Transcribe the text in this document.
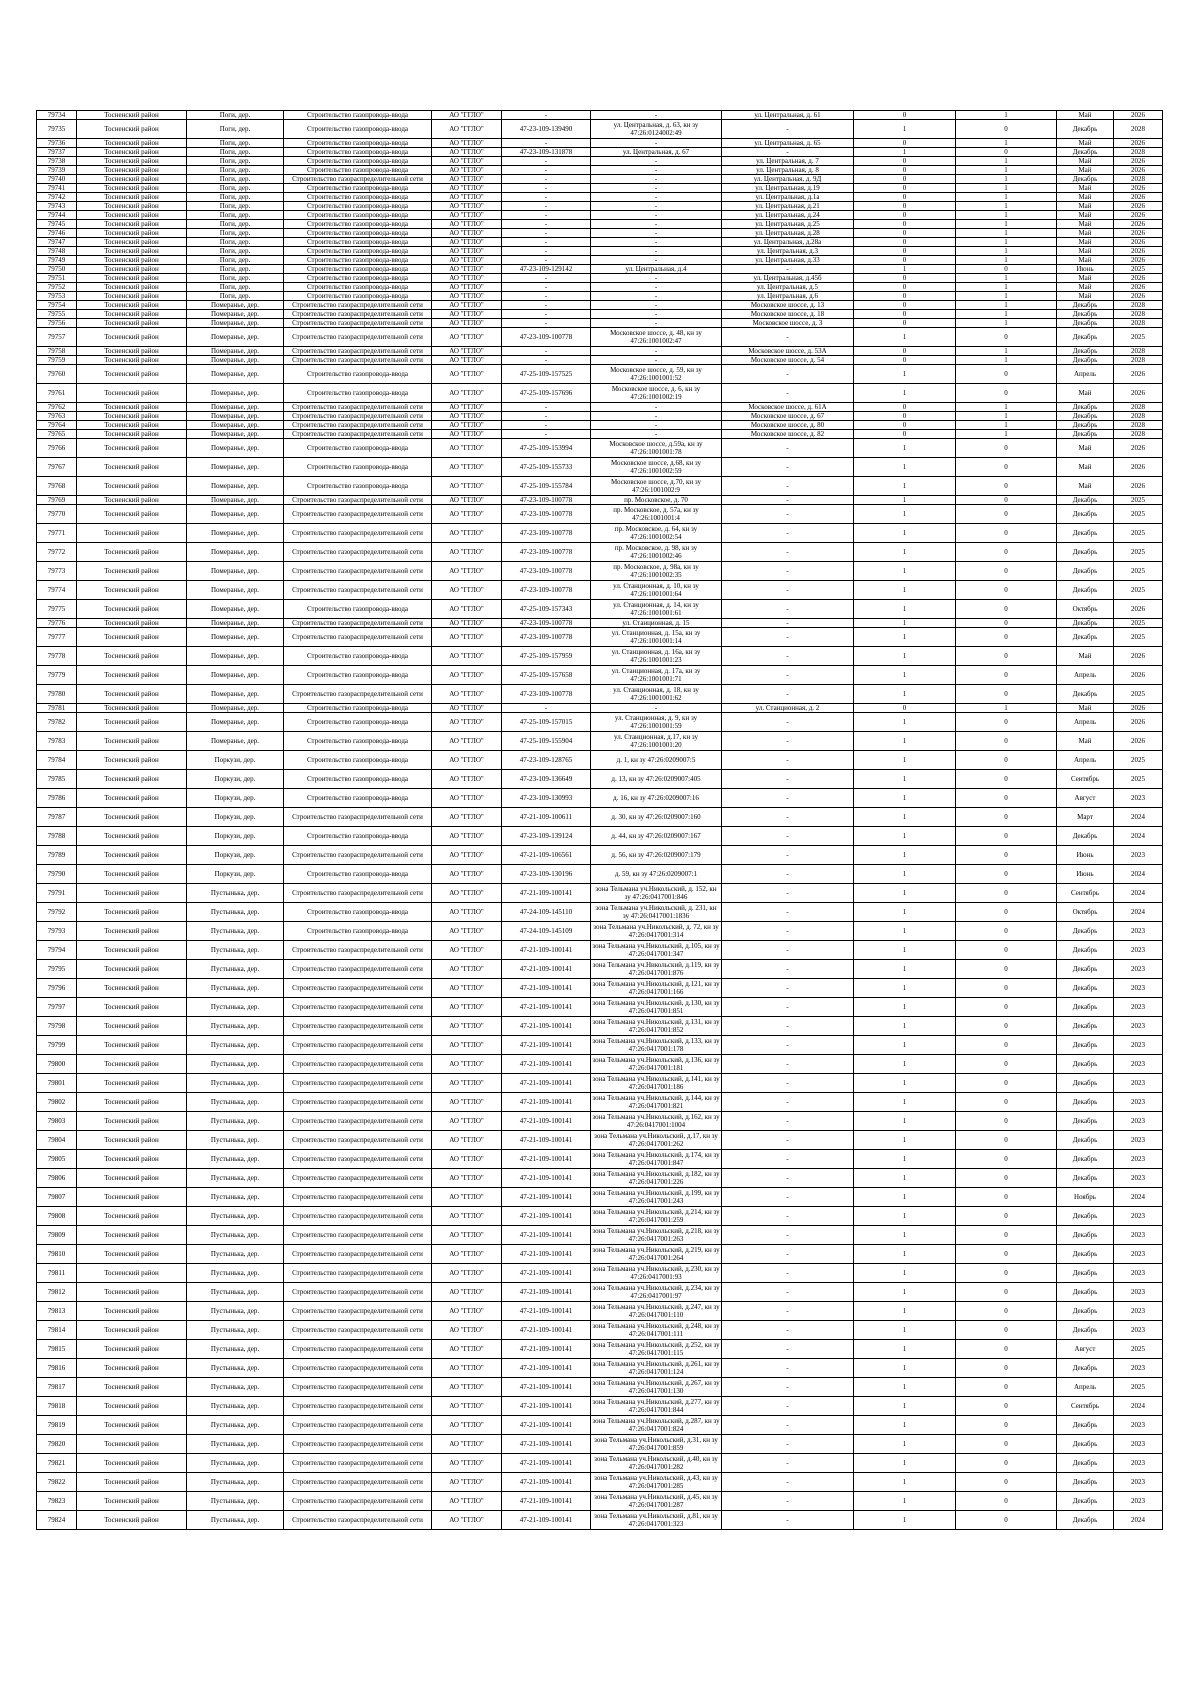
79734	Тосненский район	Поги, дер.	Строительство газопровода-ввода	АО "ГГЛО"	-	-	ул. Центральная, д. 61	0	1	Май	2026
79735	Тосненский район	Поги, дер.	Строительство газопровода-ввода	АО "ГГЛО"	47-23-109-139490	ул. Центральная, д. 63, кн зу 47:26:0124002:49	-	1	0	Декабрь	2028
79736	Тосненский район	Поги, дер.	Строительство газопровода-ввода	АО "ГГЛО"	-	-	ул. Центральная, д. 65	0	1	Май	2026
79737	Тосненский район	Поги, дер.	Строительство газопровода-ввода	АО "ГГЛО"	47-23-109-131878	ул. Центральная, д. 67	-	1	0	Декабрь	2028
79738	Тосненский район	Поги, дер.	Строительство газопровода-ввода	АО "ГГЛО"	-	-	ул. Центральная, д. 7	0	1	Май	2026
79739	Тосненский район	Поги, дер.	Строительство газопровода-ввода	АО "ГГЛО"	-	-	ул. Центральная, д. 8	0	1	Май	2026
79740	Тосненский район	Поги, дер.	Строительство газораспределительной сети	АО "ГГЛО"	-	-	ул. Центральная, д. 9Д	0	1	Декабрь	2028
79741	Тосненский район	Поги, дер.	Строительство газопровода-ввода	АО "ГГЛО"	-	-	ул. Центральная, д.19	0	1	Май	2026
79742	Тосненский район	Поги, дер.	Строительство газопровода-ввода	АО "ГГЛО"	-	-	ул. Центральная, д.1а	0	1	Май	2026
79743	Тосненский район	Поги, дер.	Строительство газопровода-ввода	АО "ГГЛО"	-	-	ул. Центральная, д.21	0	1	Май	2026
79744	Тосненский район	Поги, дер.	Строительство газопровода-ввода	АО "ГГЛО"	-	-	ул. Центральная, д.24	0	1	Май	2026
79745	Тосненский район	Поги, дер.	Строительство газопровода-ввода	АО "ГГЛО"	-	-	ул. Центральная, д.25	0	1	Май	2026
79746	Тосненский район	Поги, дер.	Строительство газопровода-ввода	АО "ГГЛО"	-	-	ул. Центральная, д.28	0	1	Май	2026
79747	Тосненский район	Поги, дер.	Строительство газопровода-ввода	АО "ГГЛО"	-	-	ул. Центральная, д.28а	0	1	Май	2026
79748	Тосненский район	Поги, дер.	Строительство газопровода-ввода	АО "ГГЛО"	-	-	ул. Центральная, д.3	0	1	Май	2026
79749	Тосненский район	Поги, дер.	Строительство газопровода-ввода	АО "ГГЛО"	-	-	ул. Центральная, д.33	0	1	Май	2026
79750	Тосненский район	Поги, дер.	Строительство газопровода-ввода	АО "ГГЛО"	47-23-109-129142	ул. Центральная, д.4	-	1	0	Июнь	2025
79751	Тосненский район	Поги, дер.	Строительство газопровода-ввода	АО "ГГЛО"	-	-	ул. Центральная, д.45б	0	1	Май	2026
79752	Тосненский район	Поги, дер.	Строительство газопровода-ввода	АО "ГГЛО"	-	-	ул. Центральная, д.5	0	1	Май	2026
79753	Тосненский район	Поги, дер.	Строительство газопровода-ввода	АО "ГГЛО"	-	-	ул. Центральная, д.6	0	1	Май	2026
79754	Тосненский район	Померанье, дер.	Строительство газораспределительной сети	АО "ГГЛО"	-	-	Московское шоссе, д. 13	0	1	Декабрь	2028
79755	Тосненский район	Померанье, дер.	Строительство газораспределительной сети	АО "ГГЛО"	-	-	Московское шоссе, д. 18	0	1	Декабрь	2028
79756	Тосненский район	Померанье, дер.	Строительство газораспределительной сети	АО "ГГЛО"	-	-	Московское шоссе, д. 3	0	1	Декабрь	2028
79757	Тосненский район	Померанье, дер.	Строительство газораспределительной сети	АО "ГГЛО"	47-23-109-100778	Московское шоссе, д. 48, кн зу 47:26:1001002:47	-	1	0	Декабрь	2025
79758	Тосненский район	Померанье, дер.	Строительство газораспределительной сети	АО "ГГЛО"	-	-	Московское шоссе, д. 53А	0	1	Декабрь	2028
79759	Тосненский район	Померанье, дер.	Строительство газораспределительной сети	АО "ГГЛО"	-	-	Московское шоссе, д. 54	0	1	Декабрь	2028
79760	Тосненский район	Померанье, дер.	Строительство газопровода-ввода	АО "ГГЛО"	47-25-109-157525	Московское шоссе, д. 59, кн зу 47:26:1001001:52	-	1	0	Апрель	2026
79761	Тосненский район	Померанье, дер.	Строительство газопровода-ввода	АО "ГГЛО"	47-25-109-157696	Московское шоссе, д. 6, кн зу 47:26:1001002:19	-	1	0	Май	2026
79762	Тосненский район	Померанье, дер.	Строительство газораспределительной сети	АО "ГГЛО"	-	-	Московское шоссе, д. 61А	0	1	Декабрь	2028
79763	Тосненский район	Померанье, дер.	Строительство газораспределительной сети	АО "ГГЛО"	-	-	Московское шоссе, д. 67	0	1	Декабрь	2028
79764	Тосненский район	Померанье, дер.	Строительство газораспределительной сети	АО "ГГЛО"	-	-	Московское шоссе, д. 80	0	1	Декабрь	2028
79765	Тосненский район	Померанье, дер.	Строительство газораспределительной сети	АО "ГГЛО"	-	-	Московское шоссе, д. 82	0	1	Декабрь	2028
79766	Тосненский район	Померанье, дер.	Строительство газопровода-ввода	АО "ГГЛО"	47-25-109-153994	Московское шоссе, д.59а, кн зу 47:26:1001001:78	-	1	0	Май	2026
79767	Тосненский район	Померанье, дер.	Строительство газопровода-ввода	АО "ГГЛО"	47-25-109-155733	Московское шоссе, д.68, кн зу 47:26:1001002:59	-	1	0	Май	2026
79768	Тосненский район	Померанье, дер.	Строительство газопровода-ввода	АО "ГГЛО"	47-25-109-155784	Московское шоссе, д.70, кн зу 47:26:1001002:9	-	1	0	Май	2026
79769	Тосненский район	Померанье, дер.	Строительство газораспределительной сети	АО "ГГЛО"	47-23-109-100778	пр. Московское, д. 70	-	1	0	Декабрь	2025
79770	Тосненский район	Померанье, дер.	Строительство газораспределительной сети	АО "ГГЛО"	47-23-109-100778	пр. Московское, д. 57а, кн зу 47:26:1001001:4	-	1	0	Декабрь	2025
79771	Тосненский район	Померанье, дер.	Строительство газораспределительной сети	АО "ГГЛО"	47-23-109-100778	пр. Московское, д. 64, кн зу 47:26:1001002:54	-	1	0	Декабрь	2025
79772	Тосненский район	Померанье, дер.	Строительство газораспределительной сети	АО "ГГЛО"	47-23-109-100778	пр. Московское, д. 98, кн зу 47:26:1001002:46	-	1	0	Декабрь	2025
79773	Тосненский район	Померанье, дер.	Строительство газораспределительной сети	АО "ГГЛО"	47-23-109-100778	пр. Московское, д. 98а, кн зу 47:26:1001002:35	-	1	0	Декабрь	2025
79774	Тосненский район	Померанье, дер.	Строительство газораспределительной сети	АО "ГГЛО"	47-23-109-100778	ул. Станционная, д. 10, кн зу 47:26:1001001:64	-	1	0	Декабрь	2025
79775	Тосненский район	Померанье, дер.	Строительство газопровода-ввода	АО "ГГЛО"	47-25-109-157343	ул. Станционная, д. 14, кн зу 47:26:1001001:61	-	1	0	Октябрь	2026
79776	Тосненский район	Померанье, дер.	Строительство газораспределительной сети	АО "ГГЛО"	47-23-109-100778	ул. Станционная, д. 15	-	1	0	Декабрь	2025
79777	Тосненский район	Померанье, дер.	Строительство газораспределительной сети	АО "ГГЛО"	47-23-109-100778	ул. Станционная, д. 15а, кн зу 47:26:1001001:14	-	1	0	Декабрь	2025
79778	Тосненский район	Померанье, дер.	Строительство газопровода-ввода	АО "ГГЛО"	47-25-109-157959	ул. Станционная, д. 16а, кн зу 47:26:1001001:23	-	1	0	Май	2026
79779	Тосненский район	Померанье, дер.	Строительство газопровода-ввода	АО "ГГЛО"	47-25-109-157658	ул. Станционная, д. 17а, кн зу 47:26:1001001:71	-	1	0	Апрель	2026
79780	Тосненский район	Померанье, дер.	Строительство газораспределительной сети	АО "ГГЛО"	47-23-109-100778	ул. Станционная, д. 18, кн зу 47:26:1001001:62	-	1	0	Декабрь	2025
79781	Тосненский район	Померанье, дер.	Строительство газопровода-ввода	АО "ГГЛО"	-	-	ул. Станционная, д. 2	0	1	Май	2026
79782	Тосненский район	Померанье, дер.	Строительство газопровода-ввода	АО "ГГЛО"	47-25-109-157015	ул. Станционная, д. 9, кн зу 47:26:1001001:59	-	1	0	Апрель	2026
79783	Тосненский район	Померанье, дер.	Строительство газопровода-ввода	АО "ГГЛО"	47-25-109-155904	ул. Станционная, д.17, кн зу 47:26:1001001:20	-	1	0	Май	2026
79784	Тосненский район	Поркузи, дер.	Строительство газопровода-ввода	АО "ГГЛО"	47-23-109-128765	д. 1, кн зу 47:26:0209007:5	-	1	0	Апрель	2025
79785	Тосненский район	Поркузи, дер.	Строительство газопровода-ввода	АО "ГГЛО"	47-23-109-136649	д. 13, кн зу 47:26:0209007:405	-	1	0	Сентябрь	2025
79786	Тосненский район	Поркузи, дер.	Строительство газопровода-ввода	АО "ГГЛО"	47-23-109-130993	д. 16, кн зу 47:26:0209007:16	-	1	0	Август	2023
79787	Тосненский район	Поркузи, дер.	Строительство газораспределительной сети	АО "ГГЛО"	47-21-109-100611	д. 30, кн зу 47:26:0209007:160	-	1	0	Март	2024
79788	Тосненский район	Поркузи, дер.	Строительство газопровода-ввода	АО "ГГЛО"	47-23-109-139124	д. 44, кн зу 47:26:0209007:167	-	1	0	Декабрь	2024
79789	Тосненский район	Поркузи, дер.	Строительство газораспределительной сети	АО "ГГЛО"	47-21-109-106561	д. 56, кн зу 47:26:0209007:179	-	1	0	Июнь	2023
79790	Тосненский район	Поркузи, дер.	Строительство газопровода-ввода	АО "ГГЛО"	47-23-109-130196	д. 59, кн зу 47:26:0209007:1	-	1	0	Июнь	2024
79791	Тосненский район	Пустынька, дер.	Строительство газораспределительной сети	АО "ГГЛО"	47-21-109-100141	зона Тельмана уч.Никольский, д. 152, кн зу 47:26:0417001:846	-	1	0	Сентябрь	2024
79792	Тосненский район	Пустынька, дер.	Строительство газопровода-ввода	АО "ГГЛО"	47-24-109-145110	зона Тельмана уч.Никольский, д. 231, кн зу 47:26:0417001:1836	-	1	0	Октябрь	2024
79793	Тосненский район	Пустынька, дер.	Строительство газопровода-ввода	АО "ГГЛО"	47-24-109-145109	зона Тельмана уч.Никольский, д. 72, кн зу 47:26:0417001:314	-	1	0	Декабрь	2023
79794	Тосненский район	Пустынька, дер.	Строительство газораспределительной сети	АО "ГГЛО"	47-21-109-100141	зона Тельмана уч.Никольский, д.105, кн зу 47:26:0417001:347	-	1	0	Декабрь	2023
79795	Тосненский район	Пустынька, дер.	Строительство газораспределительной сети	АО "ГГЛО"	47-21-109-100141	зона Тельмана уч.Никольский, д.119, кн зу 47:26:0417001:876	-	1	0	Декабрь	2023
79796	Тосненский район	Пустынька, дер.	Строительство газораспределительной сети	АО "ГГЛО"	47-21-109-100141	зона Тельмана уч.Никольский, д.121, кн зу 47:26:0417001:166	-	1	0	Декабрь	2023
79797	Тосненский район	Пустынька, дер.	Строительство газораспределительной сети	АО "ГГЛО"	47-21-109-100141	зона Тельмана уч.Никольский, д.130, кн зу 47:26:0417001:851	-	1	0	Декабрь	2023
79798	Тосненский район	Пустынька, дер.	Строительство газораспределительной сети	АО "ГГЛО"	47-21-109-100141	зона Тельмана уч.Никольский, д.131, кн зу 47:26:0417001:852	-	1	0	Декабрь	2023
79799	Тосненский район	Пустынька, дер.	Строительство газораспределительной сети	АО "ГГЛО"	47-21-109-100141	зона Тельмана уч.Никольский, д.133, кн зу 47:26:0417001:178	-	1	0	Декабрь	2023
79800	Тосненский район	Пустынька, дер.	Строительство газораспределительной сети	АО "ГГЛО"	47-21-109-100141	зона Тельмана уч.Никольский, д.136, кн зу 47:26:0417001:181	-	1	0	Декабрь	2023
79801	Тосненский район	Пустынька, дер.	Строительство газораспределительной сети	АО "ГГЛО"	47-21-109-100141	зона Тельмана уч.Никольский, д.141, кн зу 47:26:0417001:186	-	1	0	Декабрь	2023
79802	Тосненский район	Пустынька, дер.	Строительство газораспределительной сети	АО "ГГЛО"	47-21-109-100141	зона Тельмана уч.Никольский, д.144, кн зу 47:26:0417001:821	-	1	0	Декабрь	2023
79803	Тосненский район	Пустынька, дер.	Строительство газораспределительной сети	АО "ГГЛО"	47-21-109-100141	зона Тельмана уч.Никольский, д.162, кн зу 47:26:0417001:1004	-	1	0	Декабрь	2023
79804	Тосненский район	Пустынька, дер.	Строительство газораспределительной сети	АО "ГГЛО"	47-21-109-100141	зона Тельмана уч.Никольский, д.17, кн зу 47:26:0417001:262	-	1	0	Декабрь	2023
79805	Тосненский район	Пустынька, дер.	Строительство газораспределительной сети	АО "ГГЛО"	47-21-109-100141	зона Тельмана уч.Никольский, д.174, кн зу 47:26:0417001:847	-	1	0	Декабрь	2023
79806	Тосненский район	Пустынька, дер.	Строительство газораспределительной сети	АО "ГГЛО"	47-21-109-100141	зона Тельмана уч.Никольский, д.182, кн зу 47:26:0417001:226	-	1	0	Декабрь	2023
79807	Тосненский район	Пустынька, дер.	Строительство газораспределительной сети	АО "ГГЛО"	47-21-109-100141	зона Тельмана уч.Никольский, д.199, кн зу 47:26:0417001:243	-	1	0	Ноябрь	2024
79808	Тосненский район	Пустынька, дер.	Строительство газораспределительной сети	АО "ГГЛО"	47-21-109-100141	зона Тельмана уч.Никольский, д.214, кн зу 47:26:0417001:259	-	1	0	Декабрь	2023
79809	Тосненский район	Пустынька, дер.	Строительство газораспределительной сети	АО "ГГЛО"	47-21-109-100141	зона Тельмана уч.Никольский, д.218, кн зу 47:26:0417001:263	-	1	0	Декабрь	2023
79810	Тосненский район	Пустынька, дер.	Строительство газораспределительной сети	АО "ГГЛО"	47-21-109-100141	зона Тельмана уч.Никольский, д.219, кн зу 47:26:0417001:264	-	1	0	Декабрь	2023
79811	Тосненский район	Пустынька, дер.	Строительство газораспределительной сети	АО "ГГЛО"	47-21-109-100141	зона Тельмана уч.Никольский, д.230, кн зу 47:26:0417001:93	-	1	0	Декабрь	2023
79812	Тосненский район	Пустынька, дер.	Строительство газораспределительной сети	АО "ГГЛО"	47-21-109-100141	зона Тельмана уч.Никольский, д.234, кн зу 47:26:0417001:97	-	1	0	Декабрь	2023
79813	Тосненский район	Пустынька, дер.	Строительство газораспределительной сети	АО "ГГЛО"	47-21-109-100141	зона Тельмана уч.Никольский, д.247, кн зу 47:26:0417001:110	-	1	0	Декабрь	2023
79814	Тосненский район	Пустынька, дер.	Строительство газораспределительной сети	АО "ГГЛО"	47-21-109-100141	зона Тельмана уч.Никольский, д.248, кн зу 47:26:0417001:111	-	1	0	Декабрь	2023
79815	Тосненский район	Пустынька, дер.	Строительство газораспределительной сети	АО "ГГЛО"	47-21-109-100141	зона Тельмана уч.Никольский, д.252, кн зу 47:26:0417001:115	-	1	0	Август	2025
79816	Тосненский район	Пустынька, дер.	Строительство газораспределительной сети	АО "ГГЛО"	47-21-109-100141	зона Тельмана уч.Никольский, д.261, кн зу 47:26:0417001:124	-	1	0	Декабрь	2023
79817	Тосненский район	Пустынька, дер.	Строительство газораспределительной сети	АО "ГГЛО"	47-21-109-100141	зона Тельмана уч.Никольский, д.267, кн зу 47:26:0417001:130	-	1	0	Апрель	2025
79818	Тосненский район	Пустынька, дер.	Строительство газораспределительной сети	АО "ГГЛО"	47-21-109-100141	зона Тельмана уч.Никольский, д.277, кн зу 47:26:0417001:844	-	1	0	Сентябрь	2024
79819	Тосненский район	Пустынька, дер.	Строительство газораспределительной сети	АО "ГГЛО"	47-21-109-100141	зона Тельмана уч.Никольский, д.287, кн зу 47:26:0417001:824	-	1	0	Декабрь	2023
79820	Тосненский район	Пустынька, дер.	Строительство газораспределительной сети	АО "ГГЛО"	47-21-109-100141	зона Тельмана уч.Никольский, д.31, кн зу 47:26:0417001:859	-	1	0	Декабрь	2023
79821	Тосненский район	Пустынька, дер.	Строительство газораспределительной сети	АО "ГГЛО"	47-21-109-100141	зона Тельмана уч.Никольский, д.40, кн зу 47:26:0417001:282	-	1	0	Декабрь	2023
79822	Тосненский район	Пустынька, дер.	Строительство газораспределительной сети	АО "ГГЛО"	47-21-109-100141	зона Тельмана уч.Никольский, д.43, кн зу 47:26:0417001:285	-	1	0	Декабрь	2023
79823	Тосненский район	Пустынька, дер.	Строительство газораспределительной сети	АО "ГГЛО"	47-21-109-100141	зона Тельмана уч.Никольский, д.45, кн зу 47:26:0417001:287	-	1	0	Декабрь	2023
79824	Тосненский район	Пустынька, дер.	Строительство газораспределительной сети	АО "ГГЛО"	47-21-109-100141	зона Тельмана уч.Никольский, д.81, кн зу 47:26:0417001:323	-	1	0	Декабрь	2024
